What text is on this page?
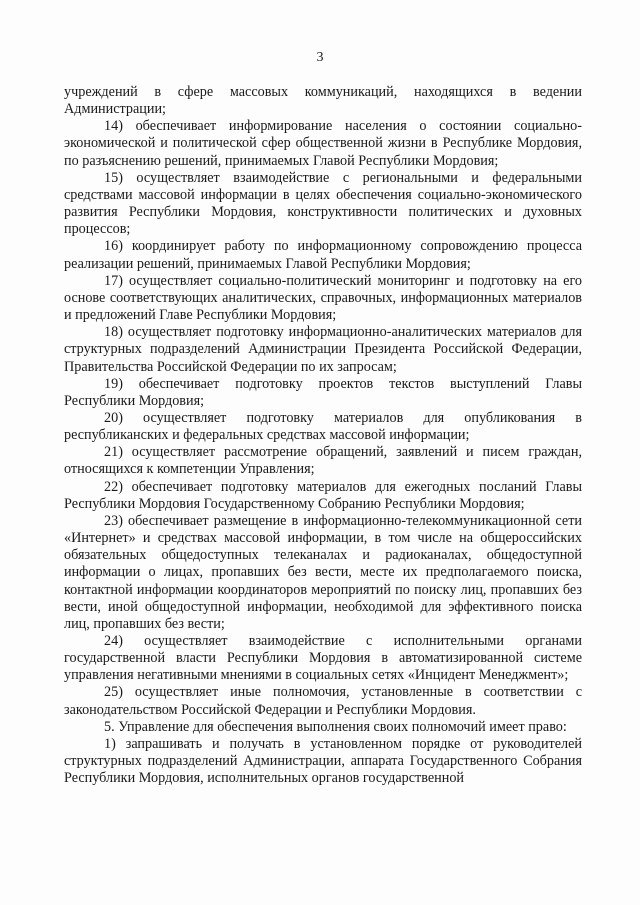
3

учреждений в сфере массовых коммуникаций, находящихся в ведении Администрации;

14) обеспечивает информирование населения о состоянии социально-экономической и политической сфер общественной жизни в Республике Мордовия, по разъяснению решений, принимаемых Главой Республики Мордовия;

15) осуществляет взаимодействие с региональными и федеральными средствами массовой информации в целях обеспечения социально-экономического развития Республики Мордовия, конструктивности политических и духовных процессов;

16) координирует работу по информационному сопровождению процесса реализации решений, принимаемых Главой Республики Мордовия;

17) осуществляет социально-политический мониторинг и подготовку на его основе соответствующих аналитических, справочных, информационных материалов и предложений Главе Республики Мордовия;

18) осуществляет подготовку информационно-аналитических материалов для структурных подразделений Администрации Президента Российской Федерации, Правительства Российской Федерации по их запросам;

19) обеспечивает подготовку проектов текстов выступлений Главы Республики Мордовия;

20) осуществляет подготовку материалов для опубликования в республиканских и федеральных средствах массовой информации;

21) осуществляет рассмотрение обращений, заявлений и писем граждан, относящихся к компетенции Управления;

22) обеспечивает подготовку материалов для ежегодных посланий Главы Республики Мордовия Государственному Собранию Республики Мордовия;

23) обеспечивает размещение в информационно-телекоммуникационной сети «Интернет» и средствах массовой информации, в том числе на общероссийских обязательных общедоступных телеканалах и радиоканалах, общедоступной информации о лицах, пропавших без вести, месте их предполагаемого поиска, контактной информации координаторов мероприятий по поиску лиц, пропавших без вести, иной общедоступной информации, необходимой для эффективного поиска лиц, пропавших без вести;

24) осуществляет взаимодействие с исполнительными органами государственной власти Республики Мордовия в автоматизированной системе управления негативными мнениями в социальных сетях «Инцидент Менеджмент»;

25) осуществляет иные полномочия, установленные в соответствии с законодательством Российской Федерации и Республики Мордовия.

5. Управление для обеспечения выполнения своих полномочий имеет право:

1) запрашивать и получать в установленном порядке от руководителей структурных подразделений Администрации, аппарата Государственного Собрания Республики Мордовия, исполнительных органов государственной
